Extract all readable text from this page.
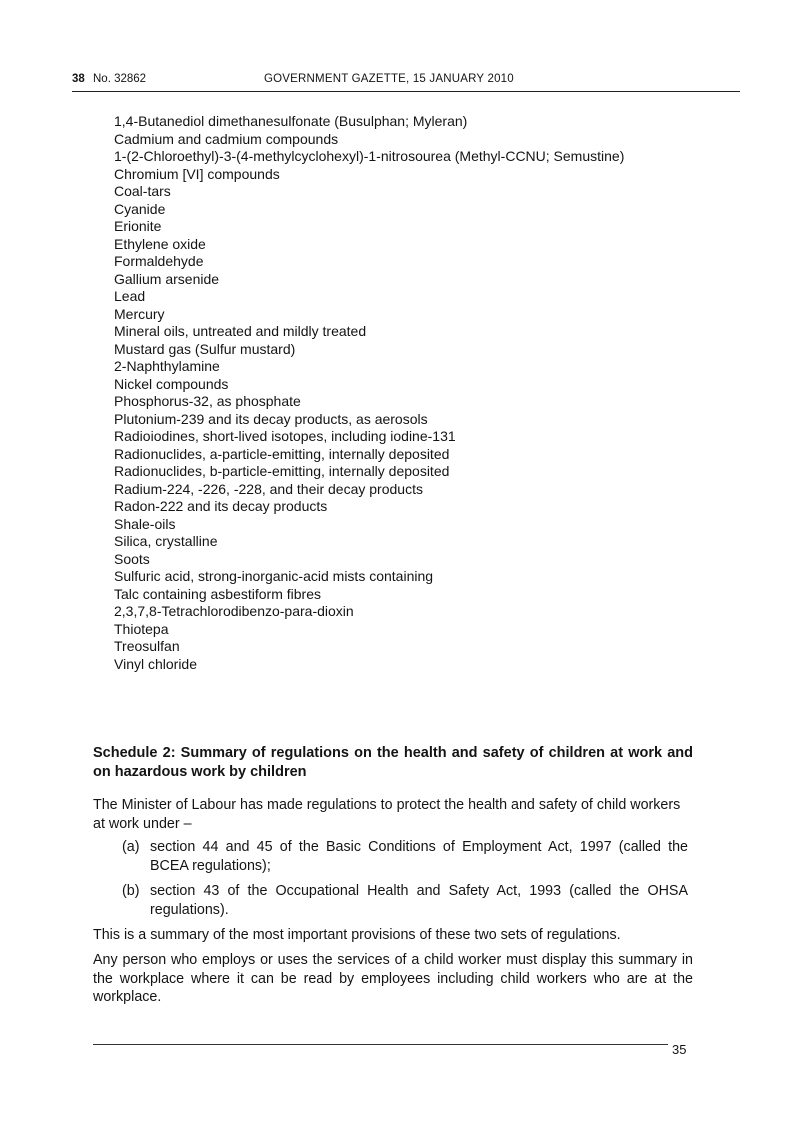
38 No. 32862	GOVERNMENT GAZETTE, 15 JANUARY 2010
1,4-Butanediol dimethanesulfonate (Busulphan; Myleran)
Cadmium and cadmium compounds
1-(2-Chloroethyl)-3-(4-methylcyclohexyl)-1-nitrosourea (Methyl-CCNU; Semustine)
Chromium [VI] compounds
Coal-tars
Cyanide
Erionite
Ethylene oxide
Formaldehyde
Gallium arsenide
Lead
Mercury
Mineral oils, untreated and mildly treated
Mustard gas (Sulfur mustard)
2-Naphthylamine
Nickel compounds
Phosphorus-32, as phosphate
Plutonium-239 and its decay products, as aerosols
Radioiodines, short-lived isotopes, including iodine-131
Radionuclides, a-particle-emitting, internally deposited
Radionuclides, b-particle-emitting, internally deposited
Radium-224, -226, -228, and their decay products
Radon-222 and its decay products
Shale-oils
Silica, crystalline
Soots
Sulfuric acid, strong-inorganic-acid mists containing
Talc containing asbestiform fibres
2,3,7,8-Tetrachlorodibenzo-para-dioxin
Thiotepa
Treosulfan
Vinyl chloride
Schedule 2: Summary of regulations on the health and safety of children at work and on hazardous work by children

The Minister of Labour has made regulations to protect the health and safety of child workers at work under –

(a) section 44 and 45 of the Basic Conditions of Employment Act, 1997 (called the BCEA regulations);
(b) section 43 of the Occupational Health and Safety Act, 1993 (called the OHSA regulations).

This is a summary of the most important provisions of these two sets of regulations.

Any person who employs or uses the services of a child worker must display this summary in the workplace where it can be read by employees including child workers who are at the workplace.

35
